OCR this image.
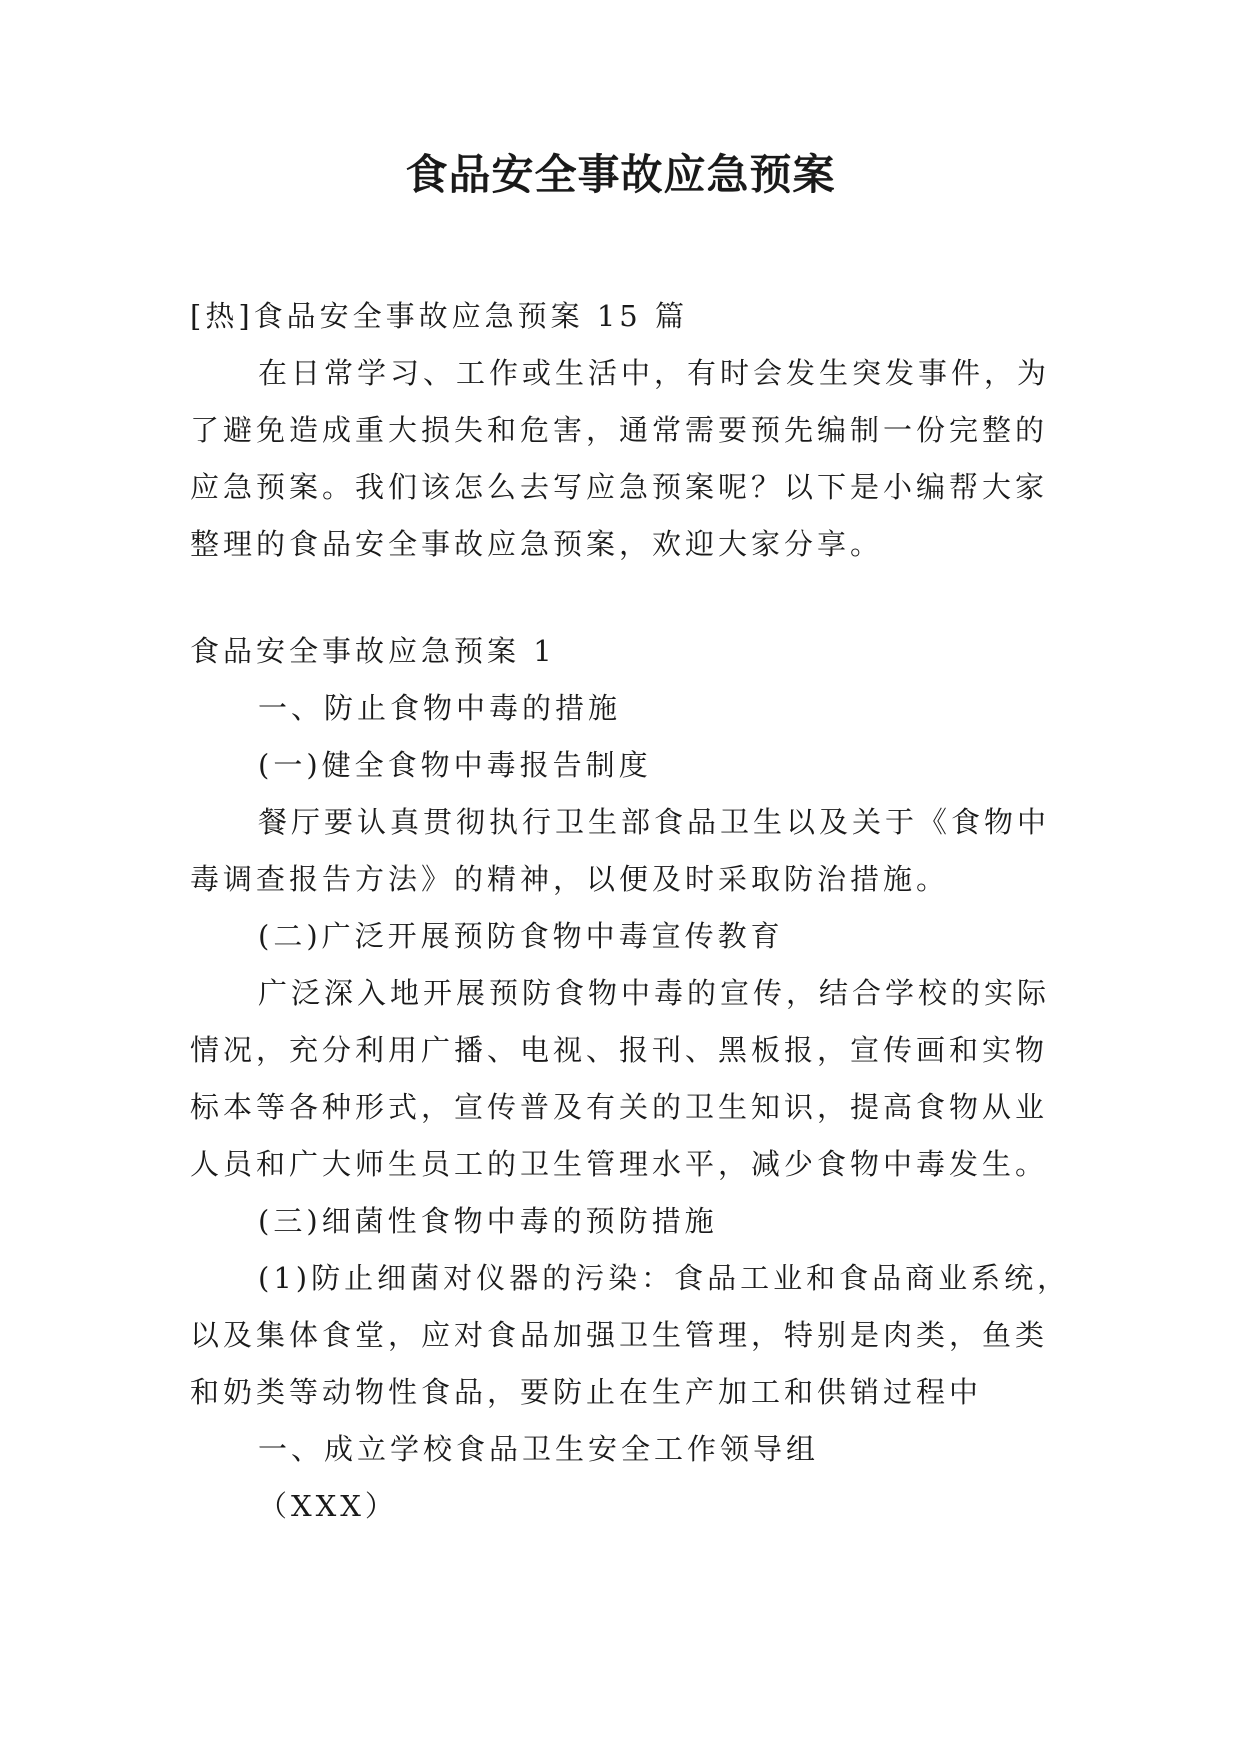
食品安全事故应急预案

[热]食品安全事故应急预案 15 篇

在日常学习、工作或生活中，有时会发生突发事件，为

了避免造成重大损失和危害，通常需要预先编制一份完整的

应急预案。我们该怎么去写应急预案呢？以下是小编帮大家

整理的食品安全事故应急预案，欢迎大家分享。

食品安全事故应急预案 1

一、防止食物中毒的措施

(一)健全食物中毒报告制度

餐厅要认真贯彻执行卫生部食品卫生以及关于《食物中

毒调查报告方法》的精神，以便及时采取防治措施。

(二)广泛开展预防食物中毒宣传教育

广泛深入地开展预防食物中毒的宣传，结合学校的实际

情况，充分利用广播、电视、报刊、黑板报，宣传画和实物

标本等各种形式，宣传普及有关的卫生知识，提高食物从业

人员和广大师生员工的卫生管理水平，减少食物中毒发生。

(三)细菌性食物中毒的预防措施

(1)防止细菌对仪器的污染：食品工业和食品商业系统，

以及集体食堂，应对食品加强卫生管理，特别是肉类，鱼类

和奶类等动物性食品，要防止在生产加工和供销过程中

一、成立学校食品卫生安全工作领导组

（XXX）
